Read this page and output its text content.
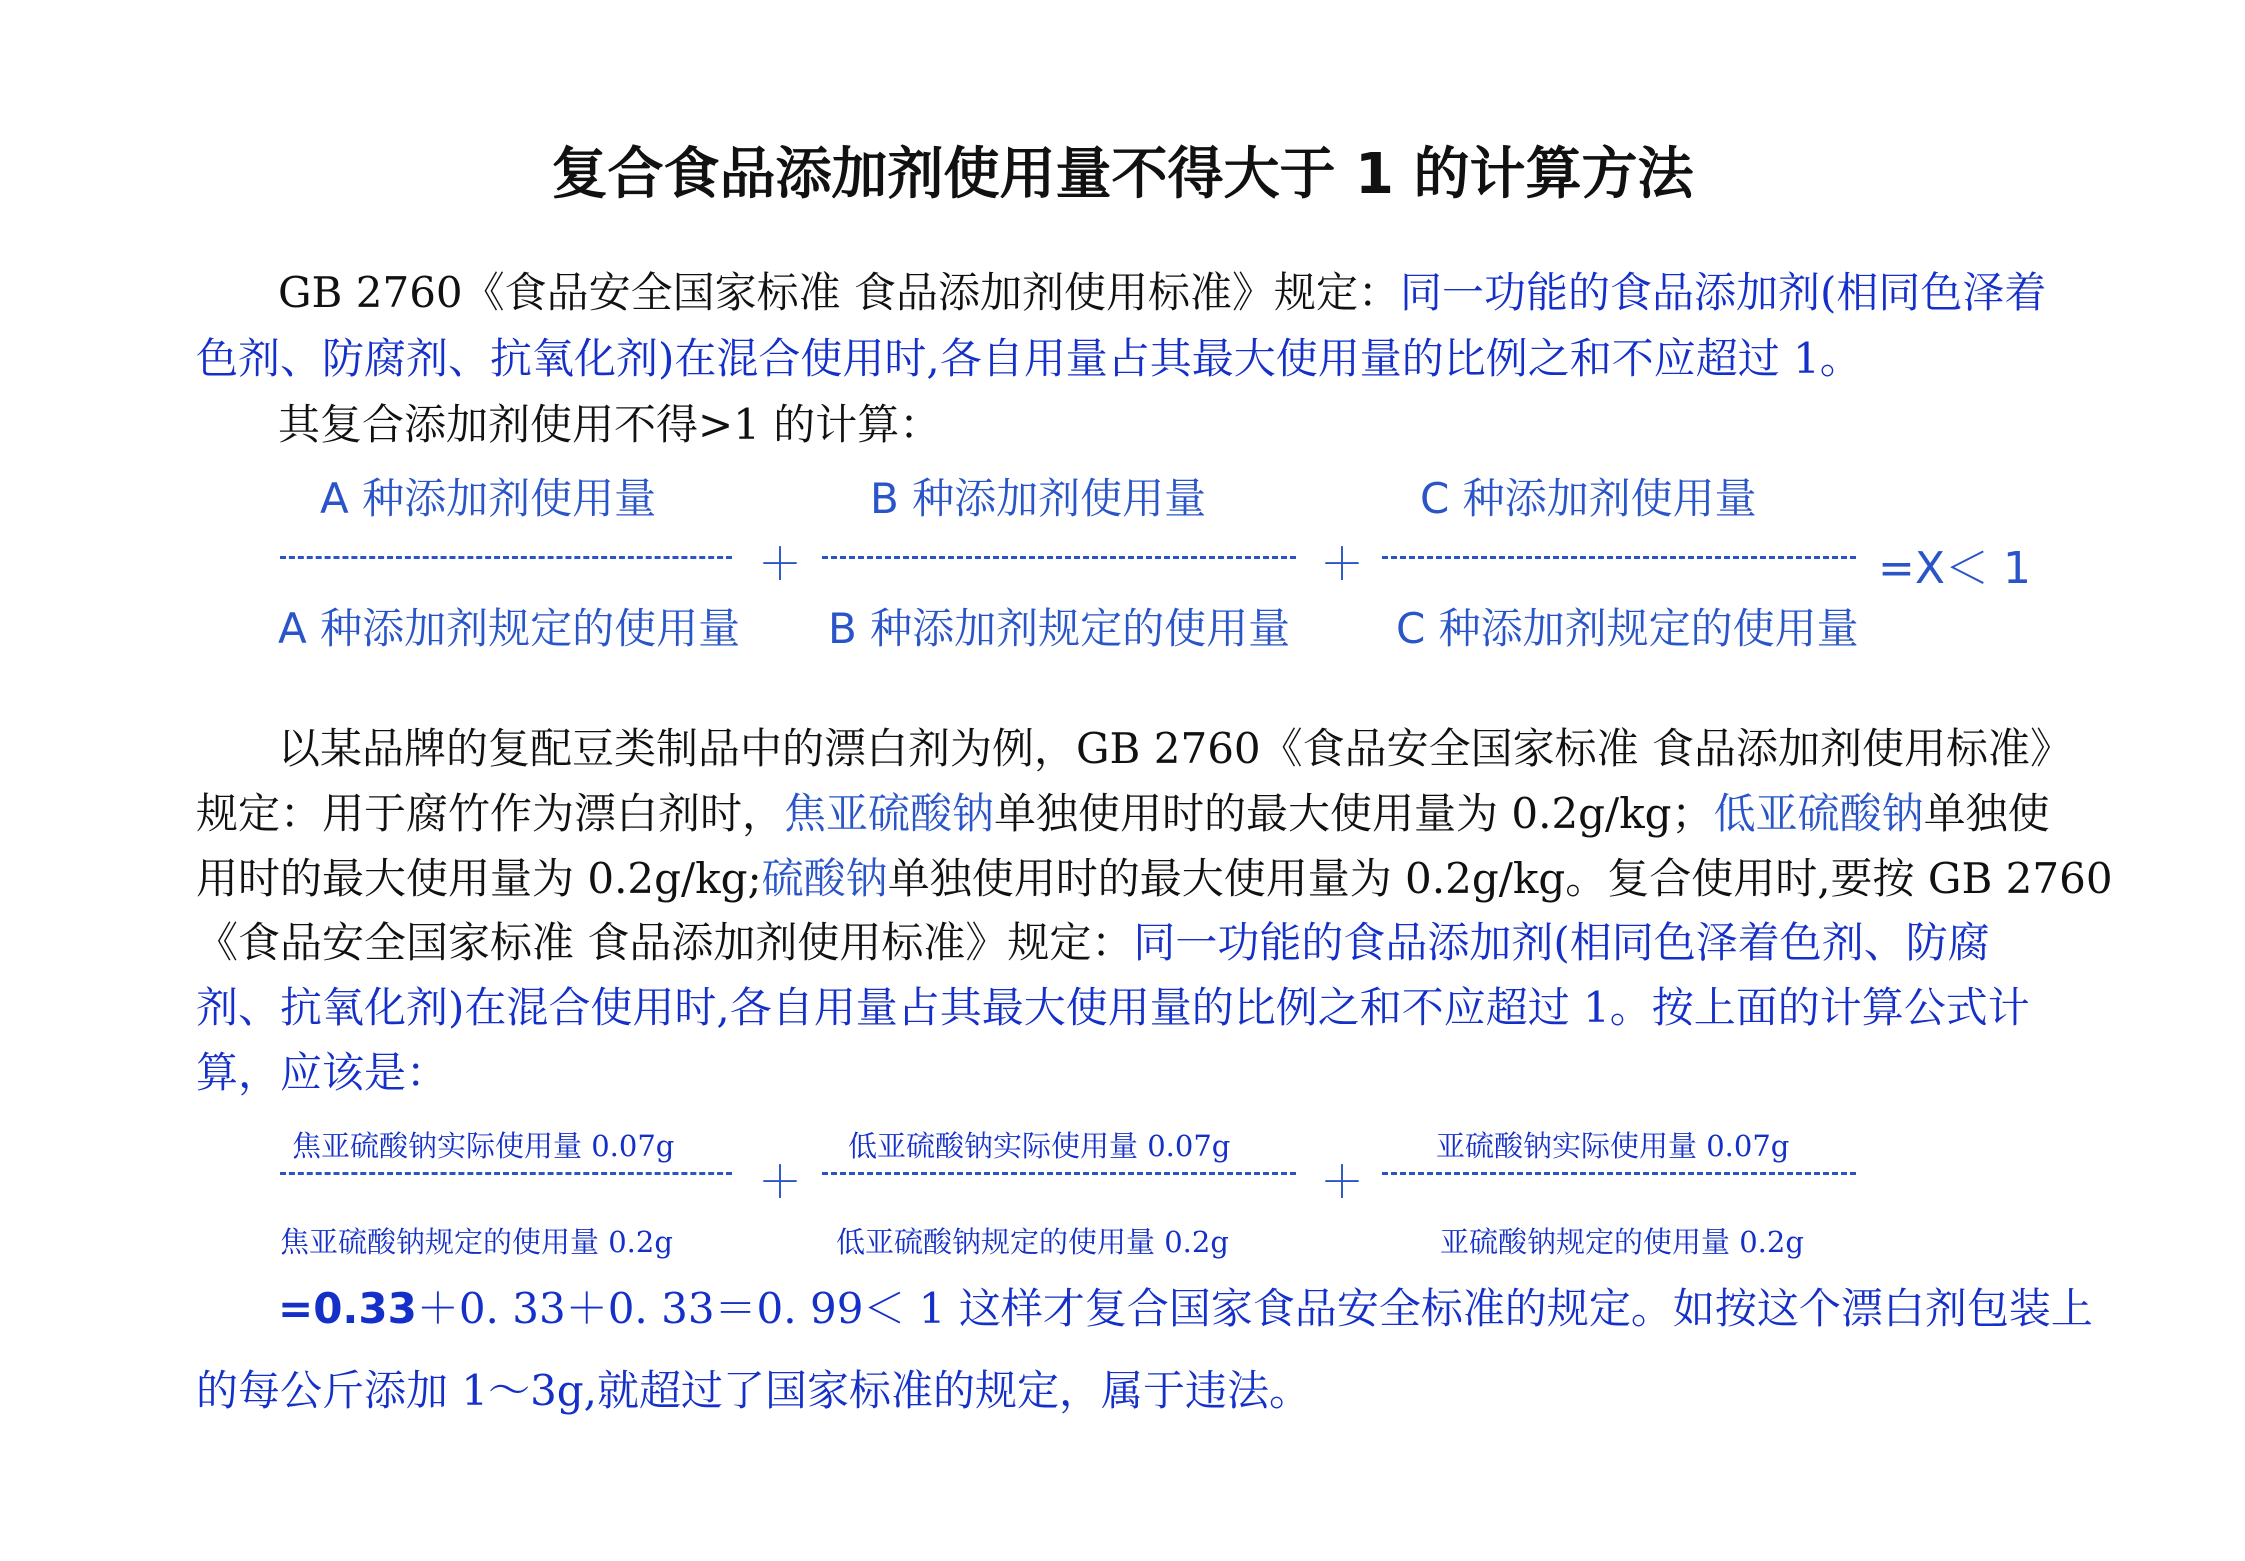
复合食品添加剂使用量不得大于 1 的计算方法
GB 2760《食品安全国家标准 食品添加剂使用标准》规定：同一功能的食品添加剂(相同色泽着
色剂、防腐剂、抗氧化剂)在混合使用时,各自用量占其最大使用量的比例之和不应超过 1。
其复合添加剂使用不得>1 的计算：
A 种添加剂使用量	B 种添加剂使用量	C 种添加剂使用量
＋	＋	=X＜ 1
A 种添加剂规定的使用量 B 种添加剂规定的使用量	C 种添加剂规定的使用量
以某品牌的复配豆类制品中的漂白剂为例，GB 2760《食品安全国家标准 食品添加剂使用标准》
规定：用于腐竹作为漂白剂时，焦亚硫酸钠单独使用时的最大使用量为 0.2g/kg；低亚硫酸钠单独使
用时的最大使用量为 0.2g/kg;硫酸钠单独使用时的最大使用量为 0.2g/kg。复合使用时,要按 GB 2760
《食品安全国家标准 食品添加剂使用标准》规定：同一功能的食品添加剂(相同色泽着色剂、防腐
剂、抗氧化剂)在混合使用时,各自用量占其最大使用量的比例之和不应超过 1。按上面的计算公式计
算，应该是：
焦亚硫酸钠实际使用量 0.07g	低亚硫酸钠实际使用量 0.07g	亚硫酸钠实际使用量 0.07g
＋	＋
焦亚硫酸钠规定的使用量 0.2g	低亚硫酸钠规定的使用量 0.2g	亚硫酸钠规定的使用量 0.2g
=0.33＋0. 33＋0. 33＝0. 99＜ 1 这样才复合国家食品安全标准的规定。如按这个漂白剂包装上
的每公斤添加 1～3g,就超过了国家标准的规定，属于违法。
